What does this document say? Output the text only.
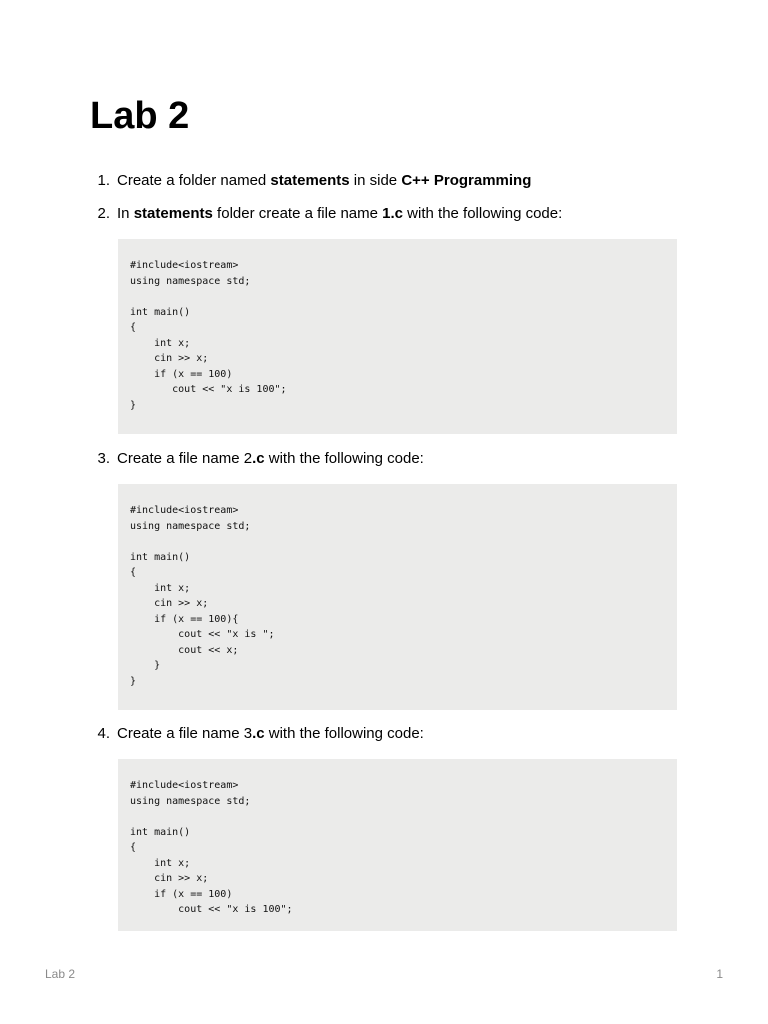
Lab 2
1. Create a folder named statements in side C++ Programming
2. In statements folder create a file name 1.c with the following code:
#include<iostream>
using namespace std;

int main()
{
int x;
cin >> x;
if (x == 100)
cout << "x is 100";
}
3. Create a file name 2.c with the following code:
#include<iostream>
using namespace std;

int main()
{
int x;
cin >> x;
if (x == 100){
cout << "x is ";
cout << x;
}
}
4. Create a file name 3.c with the following code:
#include<iostream>
using namespace std;

int main()
{
int x;
cin >> x;
if (x == 100)
cout << "x is 100";
Lab 2	1
